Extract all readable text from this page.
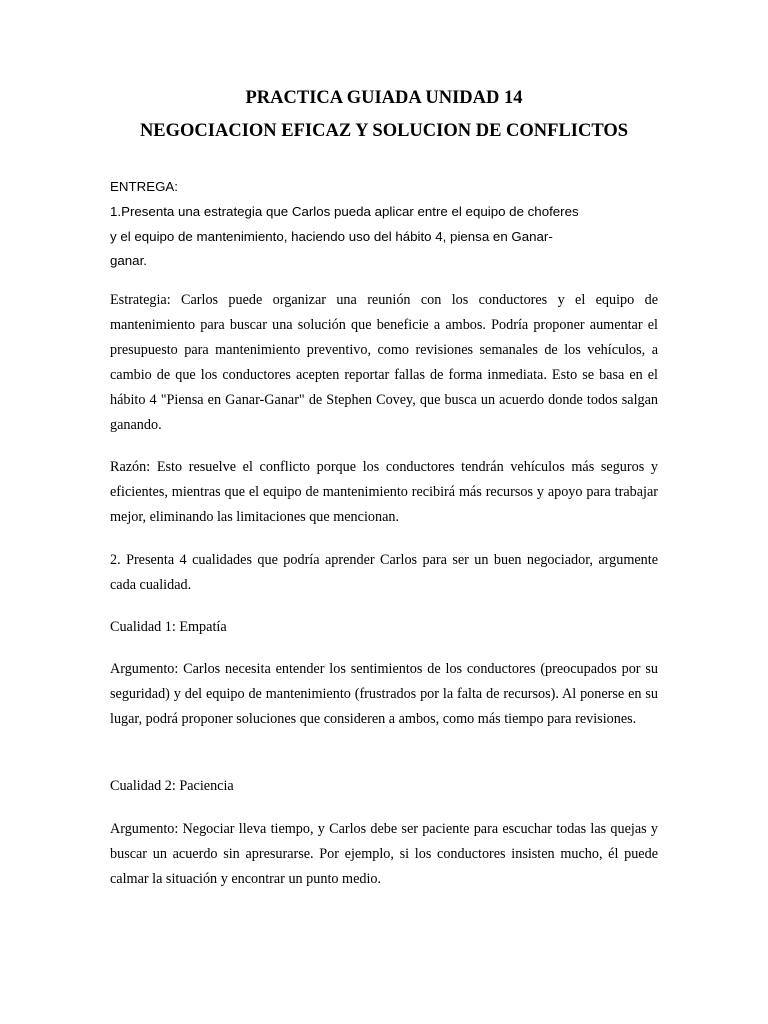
PRACTICA GUIADA UNIDAD 14
NEGOCIACION EFICAZ Y SOLUCION DE CONFLICTOS

ENTREGA:

1.Presenta una estrategia que Carlos pueda aplicar entre el equipo de choferes
y el equipo de mantenimiento, haciendo uso del hábito 4, piensa en Ganar-
ganar.

Estrategia: Carlos puede organizar una reunión con los conductores y el equipo de mantenimiento para buscar una solución que beneficie a ambos. Podría proponer aumentar el presupuesto para mantenimiento preventivo, como revisiones semanales de los vehículos, a cambio de que los conductores acepten reportar fallas de forma inmediata. Esto se basa en el hábito 4 "Piensa en Ganar-Ganar" de Stephen Covey, que busca un acuerdo donde todos salgan ganando.

Razón: Esto resuelve el conflicto porque los conductores tendrán vehículos más seguros y eficientes, mientras que el equipo de mantenimiento recibirá más recursos y apoyo para trabajar mejor, eliminando las limitaciones que mencionan.

2. Presenta 4 cualidades que podría aprender Carlos para ser un buen negociador, argumente cada cualidad.

Cualidad 1: Empatía

Argumento: Carlos necesita entender los sentimientos de los conductores (preocupados por su seguridad) y del equipo de mantenimiento (frustrados por la falta de recursos). Al ponerse en su lugar, podrá proponer soluciones que consideren a ambos, como más tiempo para revisiones.

Cualidad 2: Paciencia

Argumento: Negociar lleva tiempo, y Carlos debe ser paciente para escuchar todas las quejas y buscar un acuerdo sin apresurarse. Por ejemplo, si los conductores insisten mucho, él puede calmar la situación y encontrar un punto medio.
